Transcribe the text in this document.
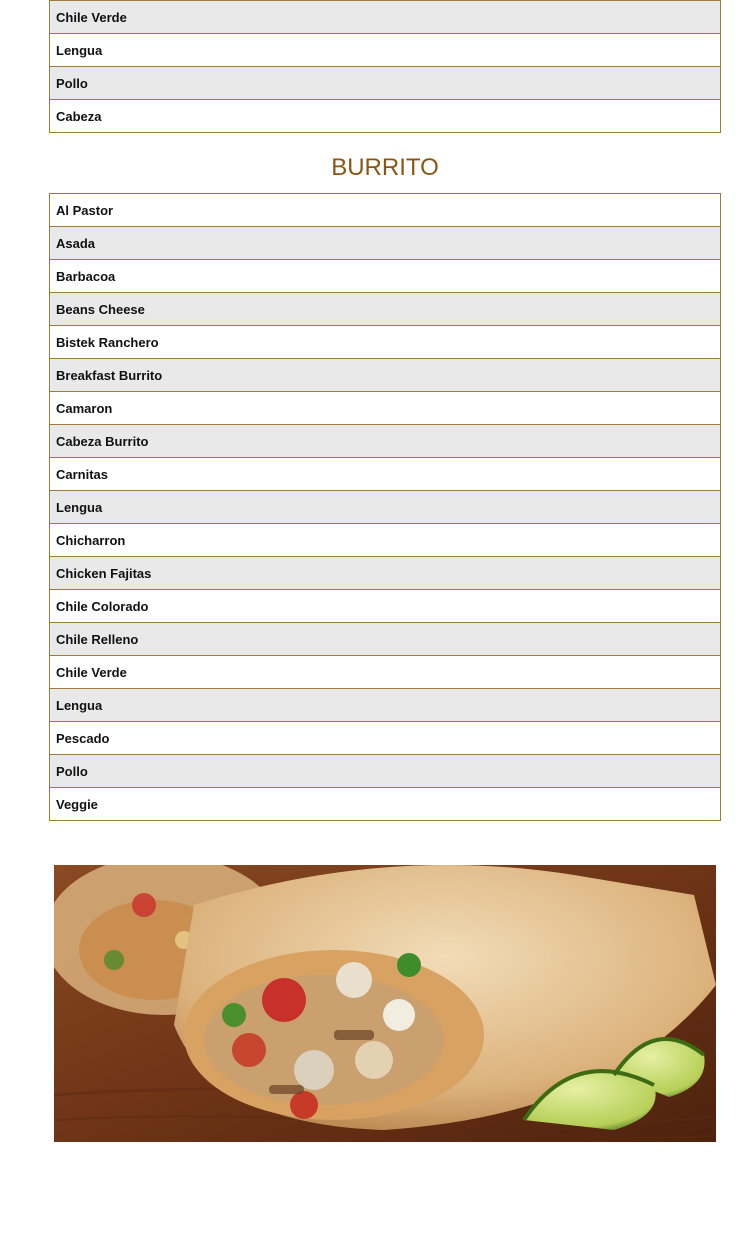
Chile Verde
Lengua
Pollo
Cabeza
BURRITO
Al Pastor
Asada
Barbacoa
Beans Cheese
Bistek Ranchero
Breakfast Burrito
Camaron
Cabeza Burrito
Carnitas
Lengua
Chicharron
Chicken Fajitas
Chile Colorado
Chile Relleno
Chile Verde
Lengua
Pescado
Pollo
Veggie
